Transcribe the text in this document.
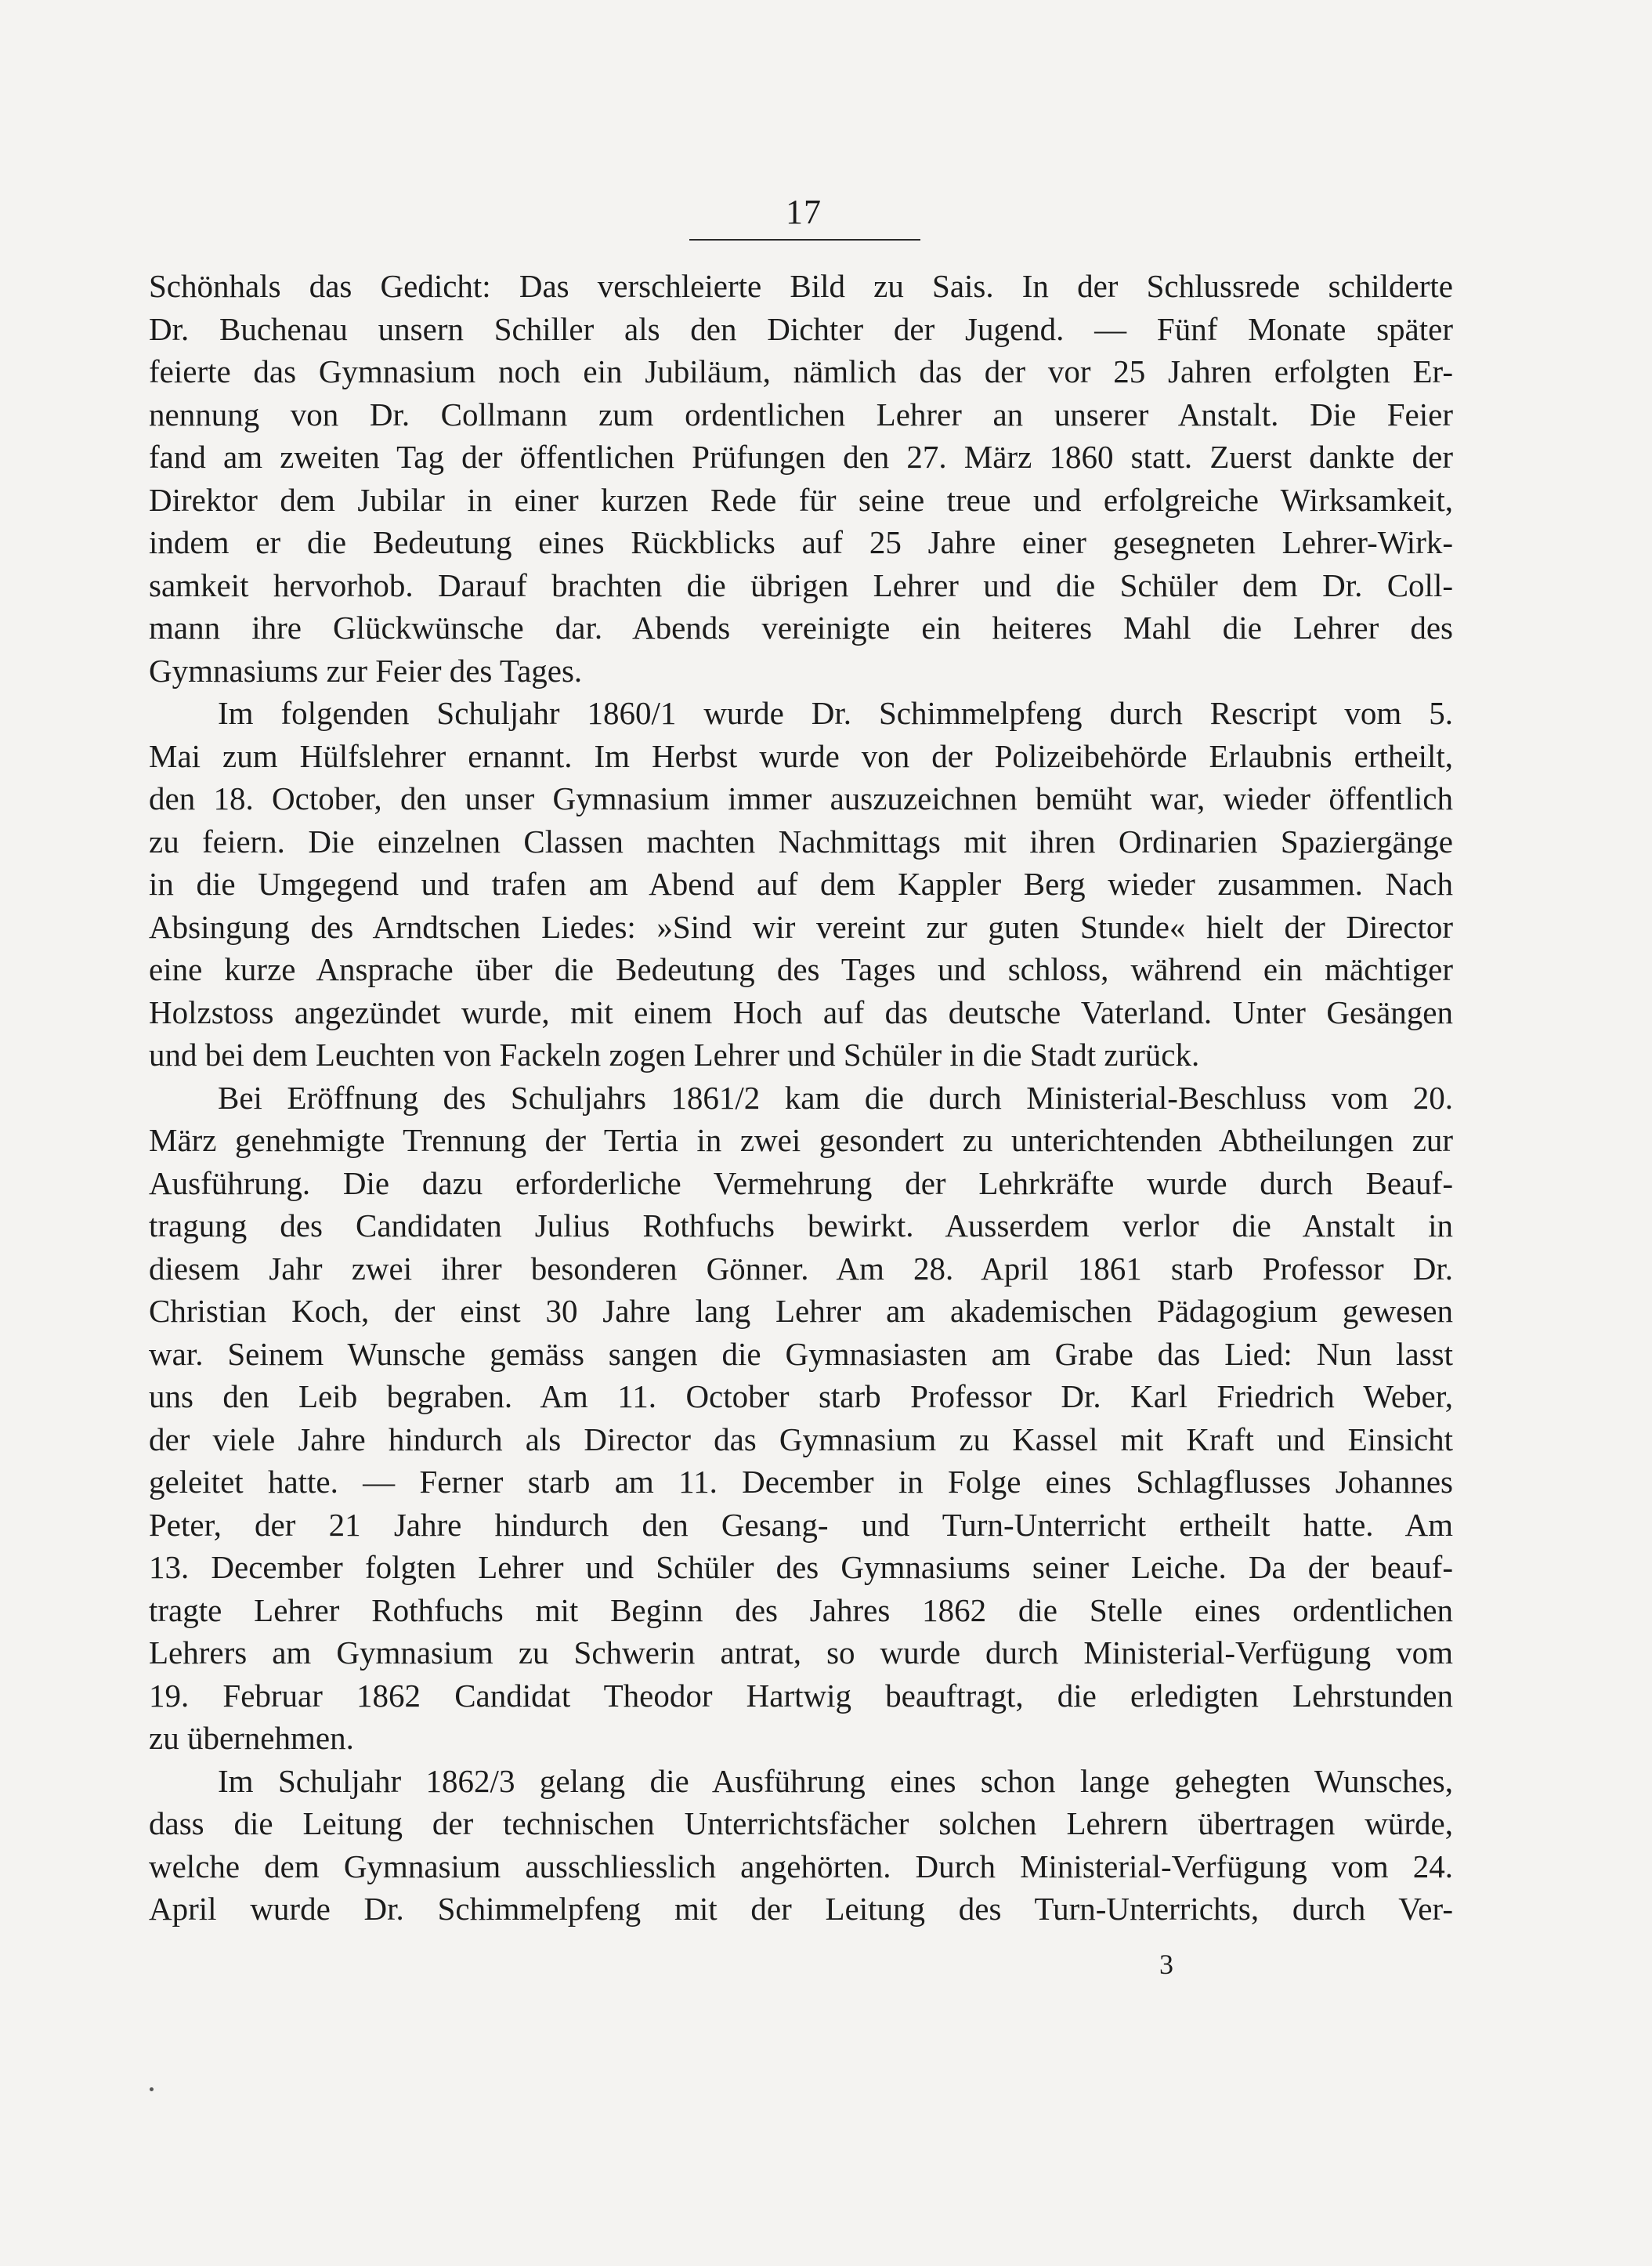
17
Schönhals das Gedicht: Das verschleierte Bild zu Sais. In der Schlussrede schilderte
Dr. Buchenau unsern Schiller als den Dichter der Jugend. — Fünf Monate später
feierte das Gymnasium noch ein Jubiläum, nämlich das der vor 25 Jahren erfolgten Er-
nennung von Dr. Collmann zum ordentlichen Lehrer an unserer Anstalt. Die Feier
fand am zweiten Tag der öffentlichen Prüfungen den 27. März 1860 statt. Zuerst dankte der
Direktor dem Jubilar in einer kurzen Rede für seine treue und erfolgreiche Wirksamkeit,
indem er die Bedeutung eines Rückblicks auf 25 Jahre einer gesegneten Lehrer-Wirk-
samkeit hervorhob. Darauf brachten die übrigen Lehrer und die Schüler dem Dr. Coll-
mann ihre Glückwünsche dar. Abends vereinigte ein heiteres Mahl die Lehrer des
Gymnasiums zur Feier des Tages.
Im folgenden Schuljahr 1860/1 wurde Dr. Schimmelpfeng durch Rescript vom 5.
Mai zum Hülfslehrer ernannt. Im Herbst wurde von der Polizeibehörde Erlaubnis ertheilt,
den 18. October, den unser Gymnasium immer auszuzeichnen bemüht war, wieder öffentlich
zu feiern. Die einzelnen Classen machten Nachmittags mit ihren Ordinarien Spaziergänge
in die Umgegend und trafen am Abend auf dem Kappler Berg wieder zusammen. Nach
Absingung des Arndtschen Liedes: »Sind wir vereint zur guten Stunde« hielt der Director
eine kurze Ansprache über die Bedeutung des Tages und schloss, während ein mächtiger
Holzstoss angezündet wurde, mit einem Hoch auf das deutsche Vaterland. Unter Gesängen
und bei dem Leuchten von Fackeln zogen Lehrer und Schüler in die Stadt zurück.
Bei Eröffnung des Schuljahrs 1861/2 kam die durch Ministerial-Beschluss vom 20.
März genehmigte Trennung der Tertia in zwei gesondert zu unterichtenden Abtheilungen zur
Ausführung. Die dazu erforderliche Vermehrung der Lehrkräfte wurde durch Beauf-
tragung des Candidaten Julius Rothfuchs bewirkt. Ausserdem verlor die Anstalt in
diesem Jahr zwei ihrer besonderen Gönner. Am 28. April 1861 starb Professor Dr.
Christian Koch, der einst 30 Jahre lang Lehrer am akademischen Pädagogium gewesen
war. Seinem Wunsche gemäss sangen die Gymnasiasten am Grabe das Lied: Nun lasst
uns den Leib begraben. Am 11. October starb Professor Dr. Karl Friedrich Weber,
der viele Jahre hindurch als Director das Gymnasium zu Kassel mit Kraft und Einsicht
geleitet hatte. — Ferner starb am 11. December in Folge eines Schlagflusses Johannes
Peter, der 21 Jahre hindurch den Gesang- und Turn-Unterricht ertheilt hatte. Am
13. December folgten Lehrer und Schüler des Gymnasiums seiner Leiche. Da der beauf-
tragte Lehrer Rothfuchs mit Beginn des Jahres 1862 die Stelle eines ordentlichen
Lehrers am Gymnasium zu Schwerin antrat, so wurde durch Ministerial-Verfügung vom
19. Februar 1862 Candidat Theodor Hartwig beauftragt, die erledigten Lehrstunden
zu übernehmen.
Im Schuljahr 1862/3 gelang die Ausführung eines schon lange gehegten Wunsches,
dass die Leitung der technischen Unterrichtsfächer solchen Lehrern übertragen würde,
welche dem Gymnasium ausschliesslich angehörten. Durch Ministerial-Verfügung vom 24.
April wurde Dr. Schimmelpfeng mit der Leitung des Turn-Unterrichts, durch Ver-
3
